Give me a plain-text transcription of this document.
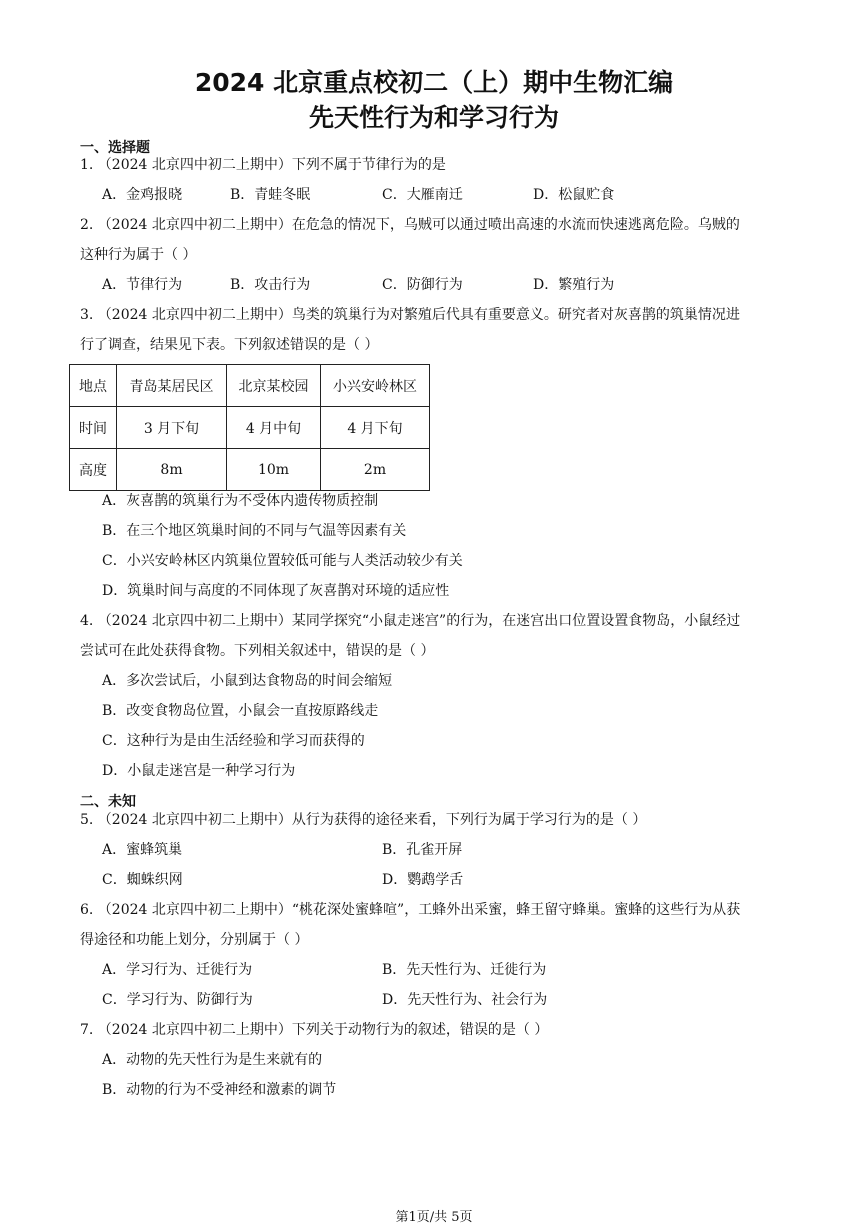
2024 北京重点校初二（上）期中生物汇编
先天性行为和学习行为
一、选择题
1. （2024 北京四中初二上期中）下列不属于节律行为的是
A．金鸡报晓	B．青蛙冬眠	C．大雁南迁	D．松鼠贮食
2. （2024 北京四中初二上期中）在危急的情况下，乌贼可以通过喷出高速的水流而快速逃离危险。乌贼的
这种行为属于（ ）
A．节律行为	B．攻击行为	C．防御行为	D．繁殖行为
3. （2024 北京四中初二上期中）鸟类的筑巢行为对繁殖后代具有重要意义。研究者对灰喜鹊的筑巢情况进
行了调查，结果见下表。下列叙述错误的是（ ）
地点	青岛某居民区	北京某校园	小兴安岭林区
时间	3 月下旬	4 月中旬	4 月下旬
高度	8m	10m	2m
A．灰喜鹊的筑巢行为不受体内遗传物质控制
B．在三个地区筑巢时间的不同与气温等因素有关
C．小兴安岭林区内筑巢位置较低可能与人类活动较少有关
D．筑巢时间与高度的不同体现了灰喜鹊对环境的适应性
4. （2024 北京四中初二上期中）某同学探究“小鼠走迷宫”的行为，在迷宫出口位置设置食物岛，小鼠经过
尝试可在此处获得食物。下列相关叙述中，错误的是（ ）
A．多次尝试后，小鼠到达食物岛的时间会缩短
B．改变食物岛位置，小鼠会一直按原路线走
C．这种行为是由生活经验和学习而获得的
D．小鼠走迷宫是一种学习行为
二、未知
5. （2024 北京四中初二上期中）从行为获得的途径来看，下列行为属于学习行为的是（ ）
A．蜜蜂筑巢	B．孔雀开屏
C．蜘蛛织网	D．鹦鹉学舌
6. （2024 北京四中初二上期中）“桃花深处蜜蜂喧”，工蜂外出采蜜，蜂王留守蜂巢。蜜蜂的这些行为从获
得途径和功能上划分，分别属于（ ）
A．学习行为、迁徙行为	B．先天性行为、迁徙行为
C．学习行为、防御行为	D．先天性行为、社会行为
7. （2024 北京四中初二上期中）下列关于动物行为的叙述，错误的是（ ）
A．动物的先天性行为是生来就有的
B．动物的行为不受神经和激素的调节
第1页/共 5页
